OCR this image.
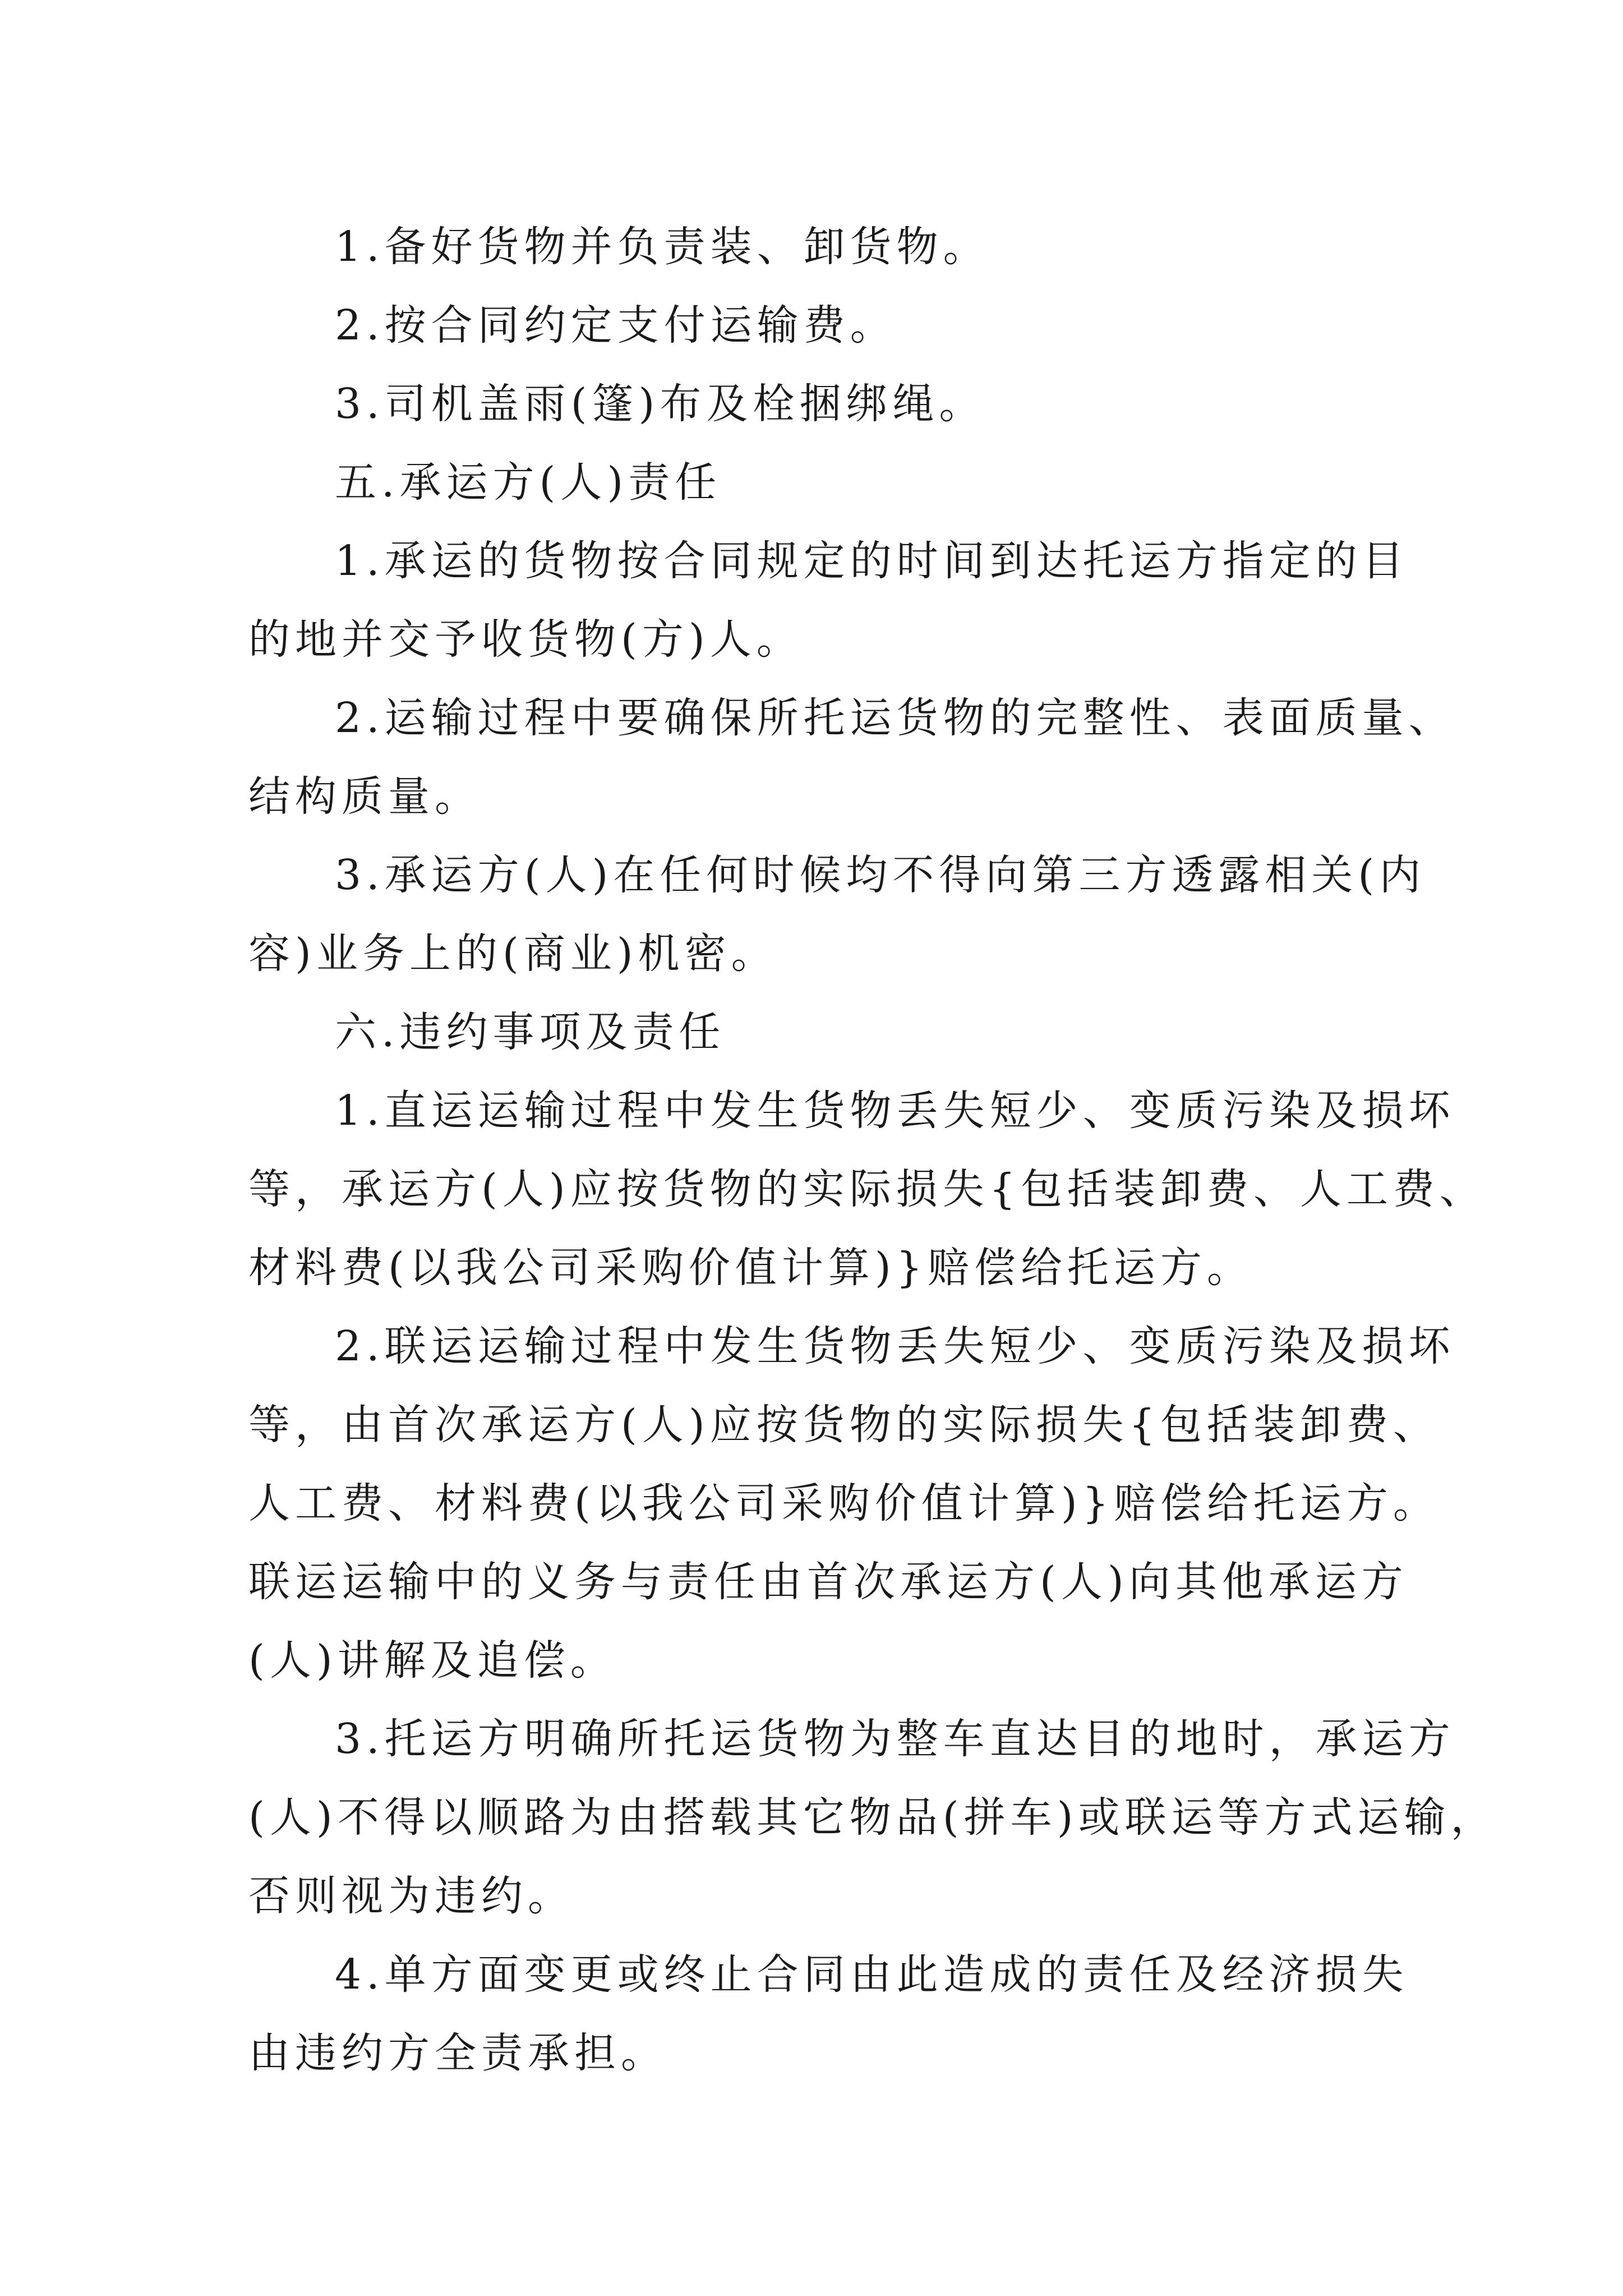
1.备好货物并负责装、卸货物。
2.按合同约定支付运输费。
3.司机盖雨(篷)布及栓捆绑绳。
五.承运方(人)责任
1.承运的货物按合同规定的时间到达托运方指定的目
的地并交予收货物(方)人。
2.运输过程中要确保所托运货物的完整性、表面质量、
结构质量。
3.承运方(人)在任何时候均不得向第三方透露相关(内
容)业务上的(商业)机密。
六.违约事项及责任
1.直运运输过程中发生货物丢失短少、变质污染及损坏
等，承运方(人)应按货物的实际损失{包括装卸费、人工费、
材料费(以我公司采购价值计算)}赔偿给托运方。
2.联运运输过程中发生货物丢失短少、变质污染及损坏
等，由首次承运方(人)应按货物的实际损失{包括装卸费、
人工费、材料费(以我公司采购价值计算)}赔偿给托运方。
联运运输中的义务与责任由首次承运方(人)向其他承运方
(人)讲解及追偿。
3.托运方明确所托运货物为整车直达目的地时，承运方
(人)不得以顺路为由搭载其它物品(拼车)或联运等方式运输，
否则视为违约。
4.单方面变更或终止合同由此造成的责任及经济损失
由违约方全责承担。
